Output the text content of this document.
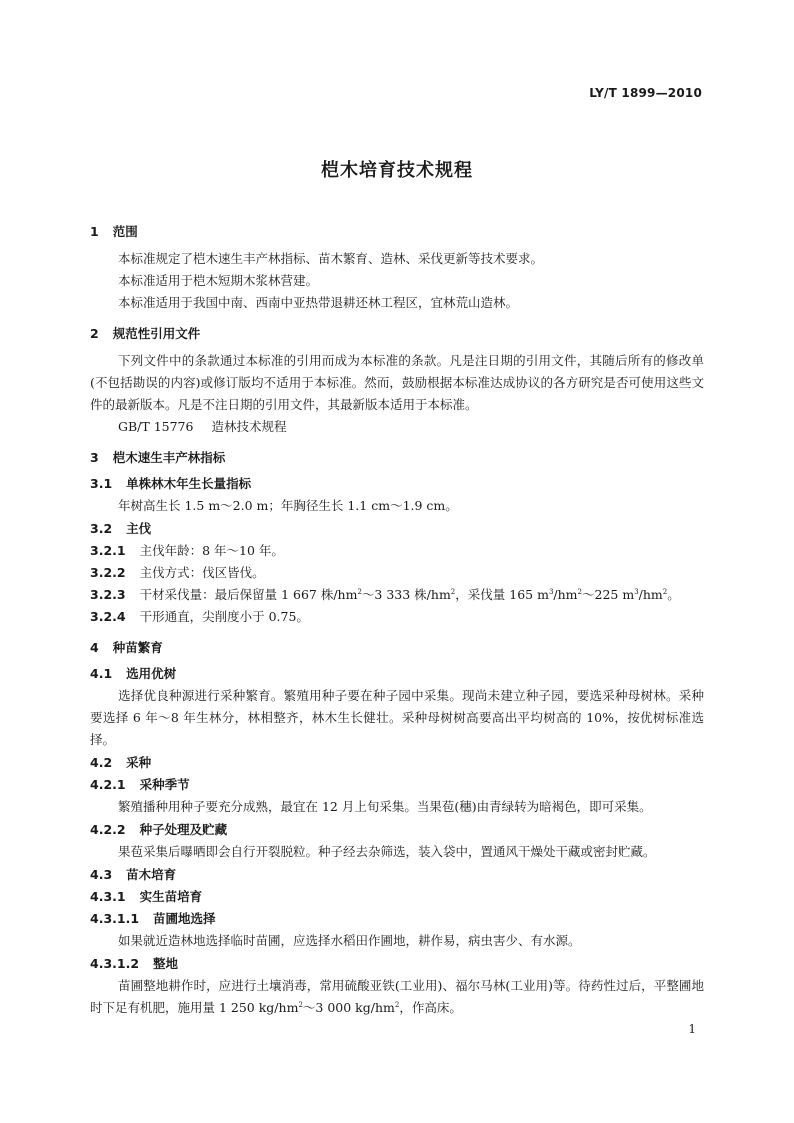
LY/T 1899—2010
桤木培育技术规程
1 范围

本标准规定了桤木速生丰产林指标、苗木繁育、造林、采伐更新等技术要求。

本标准适用于桤木短期木浆林营建。

本标准适用于我国中南、西南中亚热带退耕还林工程区，宜林荒山造林。

2 规范性引用文件

下列文件中的条款通过本标准的引用而成为本标准的条款。凡是注日期的引用文件，其随后所有的修改单(不包括勘误的内容)或修订版均不适用于本标准。然而，鼓励根据本标准达成协议的各方研究是否可使用这些文件的最新版本。凡是不注日期的引用文件，其最新版本适用于本标准。

GB/T 15776 造林技术规程

3 桤木速生丰产林指标
3.1 单株林木年生长量指标

年树高生长 1.5 m～2.0 m；年胸径生长 1.1 cm～1.9 cm。

3.2 主伐

3.2.1 主伐年龄：8 年～10 年。

3.2.2 主伐方式：伐区皆伐。

3.2.3 干材采伐量：最后保留量 1 667 株$/hm^2\sim 3$ 333 株$/hm^2$，采伐量 165 $m^3/hm^2\sim 225$ $m^3/hm^2$。

3.2.4 干形通直，尖削度小于 0.75。

4 种苗繁育
4.1 选用优树

选择优良种源进行采种繁育。繁殖用种子要在种子园中采集。现尚未建立种子园，要选采种母树林。采种要选择 6 年～8 年生林分，林相整齐，林木生长健壮。采种母树树高要高出平均树高的 10%，按优树标准选择。

4.2 采种
4.2.1 采种季节

繁殖播种用种子要充分成熟，最宜在 12 月上旬采集。当果苞(穗)由青绿转为暗褐色，即可采集。

4.2.2 种子处理及贮藏

果苞采集后曝晒即会自行开裂脱粒。种子经去杂筛选，装入袋中，置通风干燥处干藏或密封贮藏。

4.3 苗木培育
4.3.1 实生苗培育
4.3.1.1 苗圃地选择

如果就近造林地选择临时苗圃，应选择水稻田作圃地，耕作易，病虫害少、有水源。

4.3.1.2 整地

苗圃整地耕作时，应进行土壤消毒，常用硫酸亚铁(工业用)、福尔马林(工业用)等。待药性过后，平整圃地时下足有机肥，施用量 1 250 $kg/hm^2\sim 3$ 000 $kg/hm^2$，作高床。

1
